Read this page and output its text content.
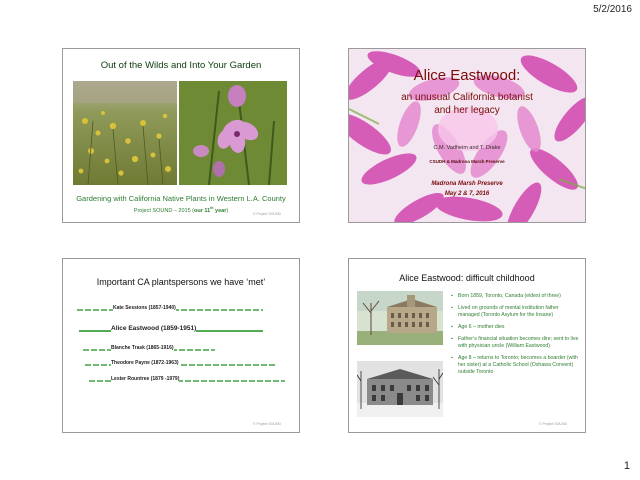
5/2/2016
Out of the Wilds and Into Your Garden
Gardening with California Native Plants in Western L.A. County
Project SOUND – 2015 (our 11th year)
© Project SOUND
Alice Eastwood:
an unusual California botanist
and her legacy
C.M. Vadheim and T. Drake
CSUDH & Madrona Marsh Preserve
Madrona Marsh Preserve
May 2 & 7, 2016
Important CA plantspersons we have ‘met’
Kate Sessions (1857-1940)
Alice Eastwood (1859-1951)
Blanche Trask (1865-1916)
Theodore Payne (1872-1963)
Lester Rountree (1879 -1979)
© Project SOUND
Alice Eastwood: difficult childhood
▪ Born 1859, Toronto, Canada (eldest of three)
▪ Lived on grounds of mental institution father managed (Toronto Asylum for the Insane)
▪ Age 6 – mother dies
▪ Father’s financial situation becomes dire; sent to live with physician uncle (William Eastwood)
▪ Age 8 – returns to Toronto; becomes a boarder (with her sister) at a Catholic School (Oshawa Convent) outside Toronto
© Project SOUND
1
